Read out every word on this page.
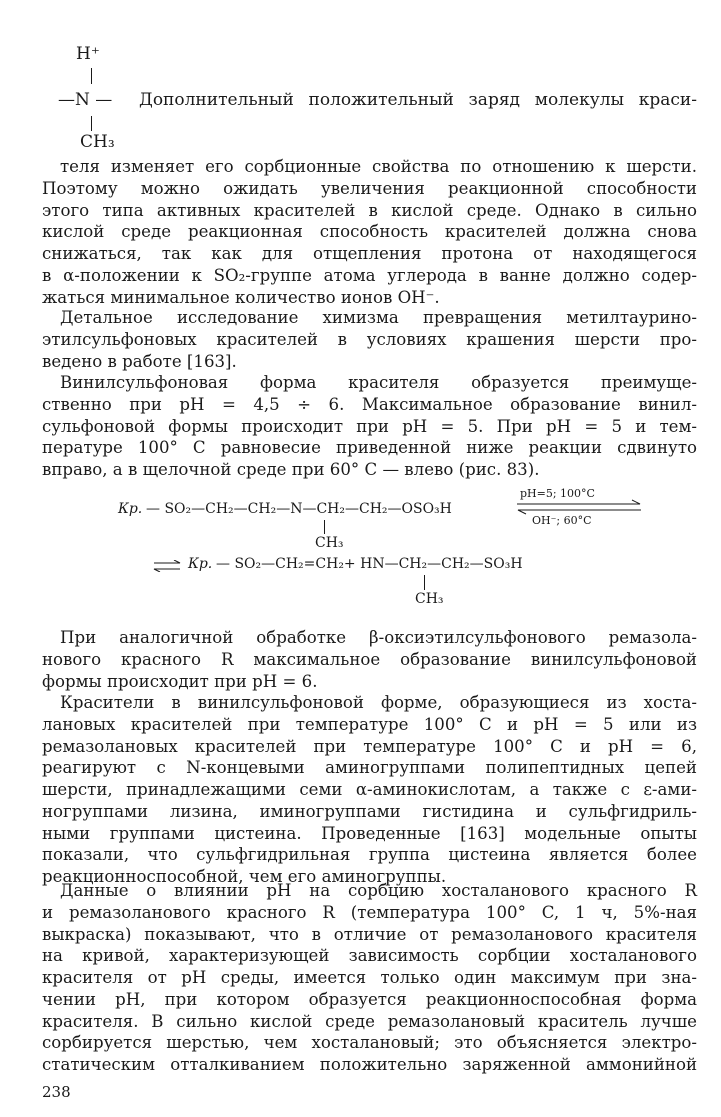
H⁺
—N — Дополнительный положительный заряд молекулы краси-
CH₃
теля изменяет его сорбционные свойства по отношению к шерсти.
Поэтому можно ожидать увеличения реакционной способности
этого типа активных красителей в кислой среде. Однако в сильно
кислой среде реакционная способность красителей должна снова
снижаться, так как для отщепления протона от находящегося
в α-положении к SO₂-группе атома углерода в ванне должно содер-
жаться минимальное количество ионов OH⁻.
Детальное исследование химизма превращения метилтаурино-
этилсульфоновых красителей в условиях крашения шерсти про-
ведено в работе [163].
Винилсульфоновая форма красителя образуется преимуще-
ственно при pH = 4,5 ÷ 6. Максимальное образование винил-
сульфоновой формы происходит при pH = 5. При pH = 5 и тем-
пературе 100° C равновесие приведенной ниже реакции сдвинуто
вправо, а в щелочной среде при 60° C — влево (рис. 83).
Кр. — SO₂—CH₂—CH₂—N—CH₂—CH₂—OSO₃H
pH=5; 100°C
OH⁻; 60°C
CH₃
Кр. — SO₂—CH₂=CH₂+ HN—CH₂—CH₂—SO₃H
CH₃
При аналогичной обработке β-оксиэтилсульфонового ремазола-
нового красного R максимальное образование винилсульфоновой
формы происходит при pH = 6.
Красители в винилсульфоновой форме, образующиеся из хоста-
лановых красителей при температуре 100° C и pH = 5 или из
ремазолановых красителей при температуре 100° C и pH = 6,
реагируют с N-концевыми аминогруппами полипептидных цепей
шерсти, принадлежащими семи α-аминокислотам, а также с ε-ами-
ногруппами лизина, иминогруппами гистидина и сульфгидриль-
ными группами цистеина. Проведенные [163] модельные опыты
показали, что сульфгидрильная группа цистеина является более
реакционноспособной, чем его аминогруппы.
Данные о влиянии pH на сорбцию хосталанового красного R
и ремазоланового красного R (температура 100° C, 1 ч, 5%-ная
выкраска) показывают, что в отличие от ремазоланового красителя
на кривой, характеризующей зависимость сорбции хосталанового
красителя от pH среды, имеется только один максимум при зна-
чении pH, при котором образуется реакционноспособная форма
красителя. В сильно кислой среде ремазолановый краситель лучше
сорбируется шерстью, чем хосталановый; это объясняется электро-
статическим отталкиванием положительно заряженной аммонийной
238
